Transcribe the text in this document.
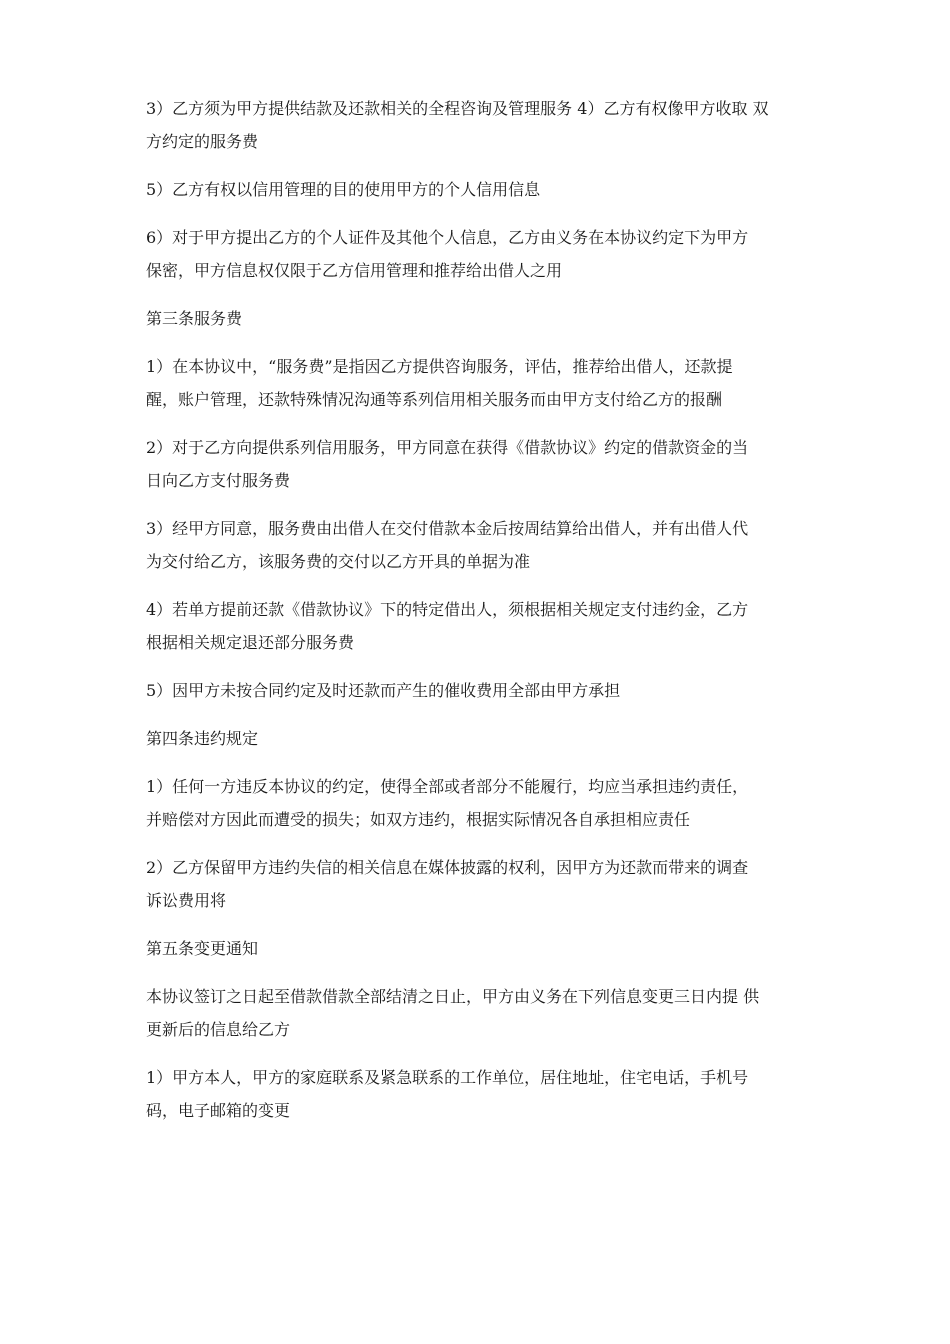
3）乙方须为甲方提供结款及还款相关的全程咨询及管理服务 4）乙方有权像甲方收取 双
方约定的服务费

5）乙方有权以信用管理的目的使用甲方的个人信用信息

6）对于甲方提出乙方的个人证件及其他个人信息，乙方由义务在本协议约定下为甲方
保密，甲方信息权仅限于乙方信用管理和推荐给出借人之用

第三条服务费

1）在本协议中，“服务费”是指因乙方提供咨询服务，评估，推荐给出借人，还款提
醒，账户管理，还款特殊情况沟通等系列信用相关服务而由甲方支付给乙方的报酬

2）对于乙方向提供系列信用服务，甲方同意在获得《借款协议》约定的借款资金的当
日向乙方支付服务费

3）经甲方同意，服务费由出借人在交付借款本金后按周结算给出借人，并有出借人代
为交付给乙方，该服务费的交付以乙方开具的单据为准

4）若单方提前还款《借款协议》下的特定借出人，须根据相关规定支付违约金，乙方
根据相关规定退还部分服务费

5）因甲方未按合同约定及时还款而产生的催收费用全部由甲方承担

第四条违约规定

1）任何一方违反本协议的约定，使得全部或者部分不能履行，均应当承担违约责任，
并赔偿对方因此而遭受的损失；如双方违约，根据实际情况各自承担相应责任

2）乙方保留甲方违约失信的相关信息在媒体披露的权利，因甲方为还款而带来的调查
诉讼费用将

第五条变更通知

本协议签订之日起至借款借款全部结清之日止，甲方由义务在下列信息变更三日内提 供
更新后的信息给乙方

1）甲方本人，甲方的家庭联系及紧急联系的工作单位，居住地址，住宅电话，手机号
码，电子邮箱的变更
